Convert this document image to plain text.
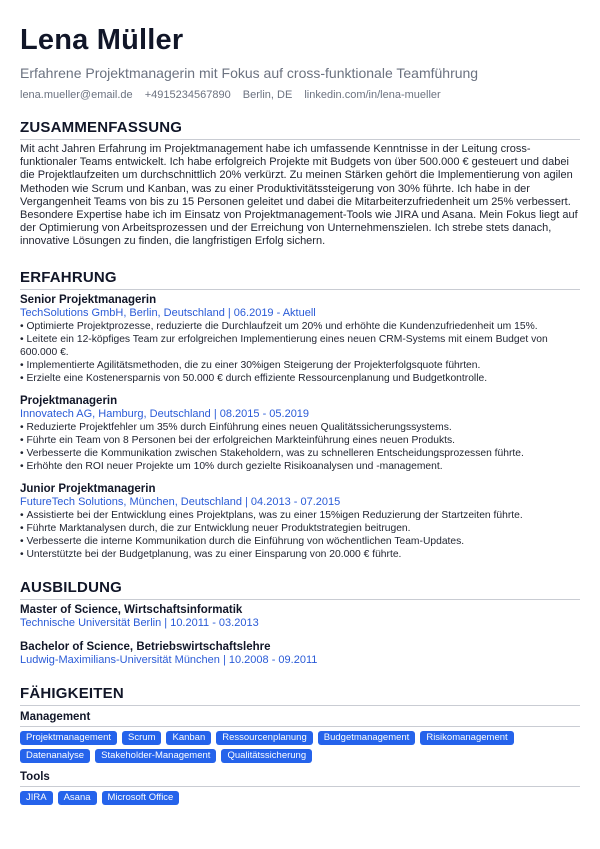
Lena Müller
Erfahrene Projektmanagerin mit Fokus auf cross-funktionale Teamführung
lena.mueller@email.de +4915234567890 Berlin, DE linkedin.com/in/lena-mueller
ZUSAMMENFASSUNG

Mit acht Jahren Erfahrung im Projektmanagement habe ich umfassende Kenntnisse in der Leitung cross-funktionaler Teams entwickelt. Ich habe erfolgreich Projekte mit Budgets von über 500.000 € gesteuert und dabei die Projektlaufzeiten um durchschnittlich 20% verkürzt. Zu meinen Stärken gehört die Implementierung von agilen Methoden wie Scrum und Kanban, was zu einer Produktivitätssteigerung von 30% führte. Ich habe in der Vergangenheit Teams von bis zu 15 Personen geleitet und dabei die Mitarbeiterzufriedenheit um 25% verbessert. Besondere Expertise habe ich im Einsatz von Projektmanagement-Tools wie JIRA und Asana. Mein Fokus liegt auf der Optimierung von Arbeitsprozessen und der Erreichung von Unternehmenszielen. Ich strebe stets danach, innovative Lösungen zu finden, die langfristigen Erfolg sichern.

ERFAHRUNG
Senior Projektmanagerin
TechSolutions GmbH, Berlin, Deutschland | 06.2019 - Aktuell
• Optimierte Projektprozesse, reduzierte die Durchlaufzeit um 20% und erhöhte die Kundenzufriedenheit um 15%.
• Leitete ein 12-köpfiges Team zur erfolgreichen Implementierung eines neuen CRM-Systems mit einem Budget von 600.000 €.
• Implementierte Agilitätsmethoden, die zu einer 30%igen Steigerung der Projekterfolgsquote führten.
• Erzielte eine Kostenersparnis von 50.000 € durch effiziente Ressourcenplanung und Budgetkontrolle.
Projektmanagerin
Innovatech AG, Hamburg, Deutschland | 08.2015 - 05.2019
• Reduzierte Projektfehler um 35% durch Einführung eines neuen Qualitätssicherungssystems.
• Führte ein Team von 8 Personen bei der erfolgreichen Markteinführung eines neuen Produkts.
• Verbesserte die Kommunikation zwischen Stakeholdern, was zu schnelleren Entscheidungsprozessen führte.
• Erhöhte den ROI neuer Projekte um 10% durch gezielte Risikoanalysen und -management.
Junior Projektmanagerin
FutureTech Solutions, München, Deutschland | 04.2013 - 07.2015
• Assistierte bei der Entwicklung eines Projektplans, was zu einer 15%igen Reduzierung der Startzeiten führte.
• Führte Marktanalysen durch, die zur Entwicklung neuer Produktstrategien beitrugen.
• Verbesserte die interne Kommunikation durch die Einführung von wöchentlichen Team-Updates.
• Unterstützte bei der Budgetplanung, was zu einer Einsparung von 20.000 € führte.
AUSBILDUNG
Master of Science, Wirtschaftsinformatik
Technische Universität Berlin | 10.2011 - 03.2013
Bachelor of Science, Betriebswirtschaftslehre
Ludwig-Maximilians-Universität München | 10.2008 - 09.2011
FÄHIGKEITEN
Management
Projektmanagement	Scrum	Kanban	Ressourcenplanung	Budgetmanagement	Risikomanagement
Datenanalyse	Stakeholder-Management	Qualitätssicherung
Tools
JIRA	Asana	Microsoft Office
